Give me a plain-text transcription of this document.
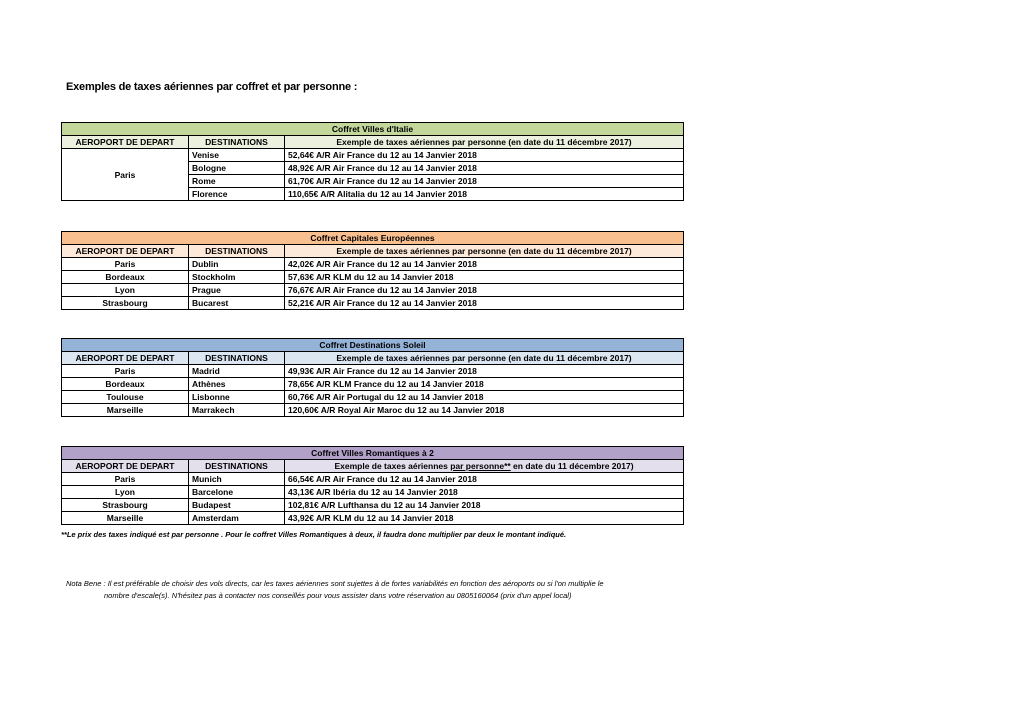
Exemples de taxes aériennes par coffret et par personne :
Coffret Villes d'Italie		
AEROPORT DE DEPART	DESTINATIONS	Exemple de taxes aériennes par personne (en date du 11 décembre 2017)
Paris	Venise	52,64€ A/R Air France du 12 au 14 Janvier 2018
	Bologne	48,92€ A/R Air France du 12 au 14 Janvier 2018
	Rome	61,70€ A/R Air France du 12 au 14 Janvier 2018
	Florence	110,65€ A/R Alitalia du 12 au 14 Janvier 2018
Coffret Capitales Européennes		
AEROPORT DE DEPART	DESTINATIONS	Exemple de taxes aériennes par personne (en date du 11 décembre 2017)
Paris	Dublin	42,02€ A/R Air France du 12 au 14 Janvier 2018
Bordeaux	Stockholm	57,63€ A/R KLM du 12 au 14 Janvier 2018
Lyon	Prague	76,67€ A/R Air France du 12 au 14 Janvier 2018
Strasbourg	Bucarest	52,21€ A/R Air France du 12 au 14 Janvier 2018
Coffret Destinations Soleil		
AEROPORT DE DEPART	DESTINATIONS	Exemple de taxes aériennes par personne (en date du 11 décembre 2017)
Paris	Madrid	49,93€ A/R Air France du 12 au 14 Janvier 2018
Bordeaux	Athènes	78,65€ A/R KLM France du 12 au 14 Janvier 2018
Toulouse	Lisbonne	60,76€ A/R Air Portugal du 12 au 14 Janvier 2018
Marseille	Marrakech	120,60€ A/R Royal Air Maroc du 12 au 14 Janvier 2018
Coffret Villes Romantiques à 2		
AEROPORT DE DEPART	DESTINATIONS	Exemple de taxes aériennes par personne** en date du 11 décembre 2017)
Paris	Munich	66,54€ A/R Air France du 12 au 14 Janvier 2018
Lyon	Barcelone	43,13€ A/R Ibéria du 12 au 14 Janvier 2018
Strasbourg	Budapest	102,81€ A/R Lufthansa du 12 au 14 Janvier 2018
Marseille	Amsterdam	43,92€ A/R KLM du 12 au 14 Janvier 2018
**Le prix des taxes indiqué est par personne . Pour le coffret Villes Romantiques à deux, il faudra donc multiplier par deux le montant indiqué.
Nota Bene : Il est préférable de choisir des vols directs, car les taxes aériennes sont sujettes à de fortes variabilités en fonction des aéroports ou si l'on multiplie le
nombre d'escale(s). N'hésitez pas à contacter nos conseillés pour vous assister dans votre réservation au 0805160064 (prix d'un appel local)
